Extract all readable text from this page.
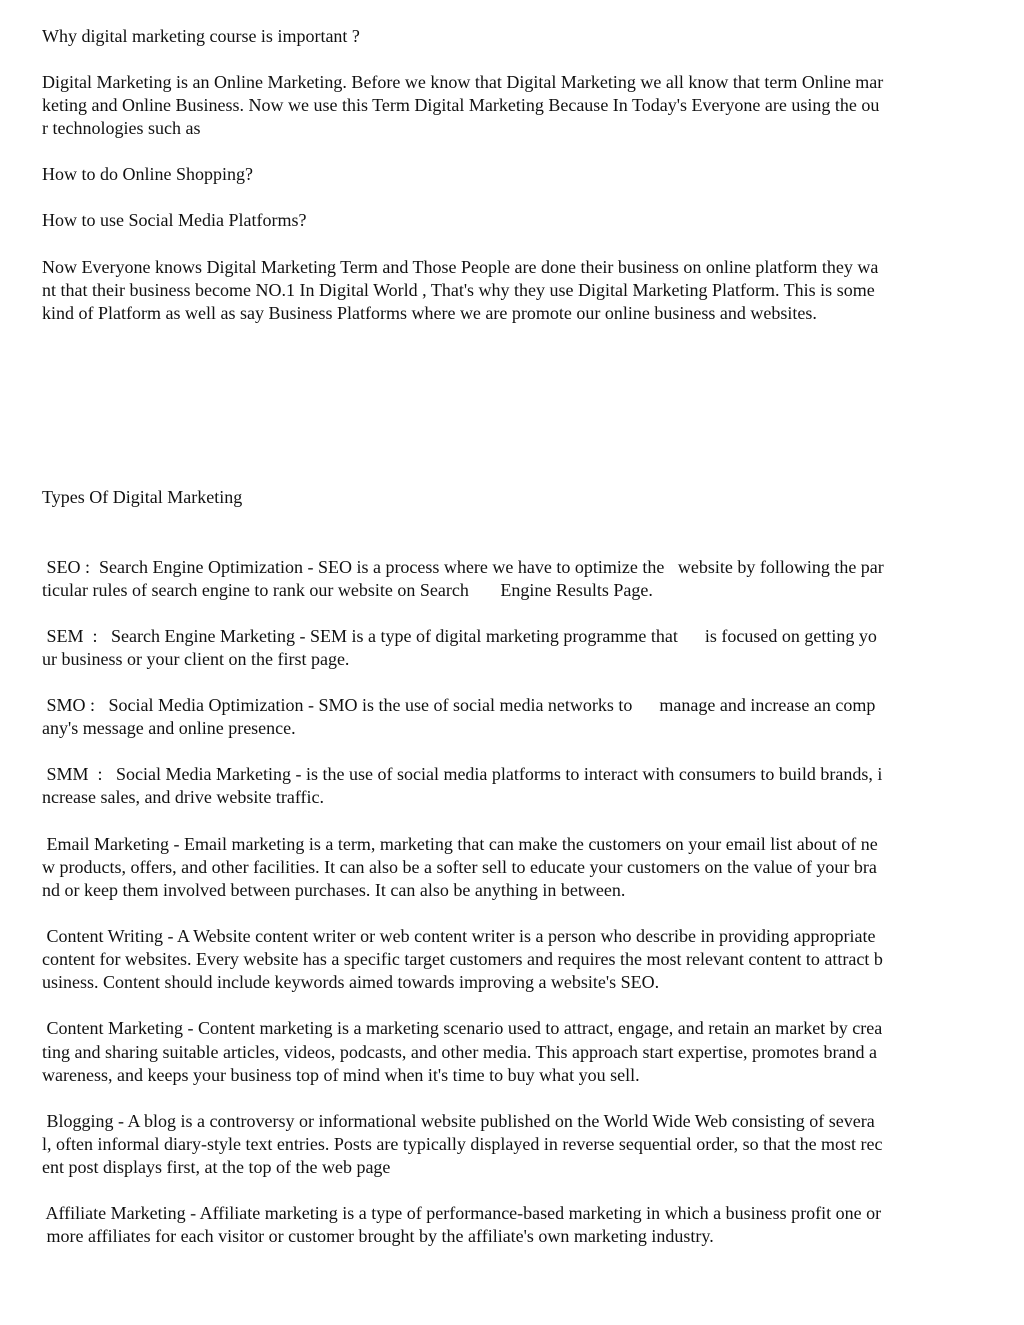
Why digital marketing course is important ?

Digital Marketing is an Online Marketing. Before we know that Digital Marketing we all know that term Online mar

keting and Online Business. Now we use this Term Digital Marketing Because In Today's Everyone are using the ou

r technologies such as

How to do Online Shopping?

How to use Social Media Platforms?

Now Everyone knows Digital Marketing Term and Those People are done their business on online platform they wa

nt that their business become NO.1 In Digital World , That's why they use Digital Marketing Platform. This is some

kind of Platform as well as say Business Platforms where we are promote our online business and websites.

Types Of Digital Marketing

SEO :  Search Engine Optimization - SEO is a process where we have to optimize the   website by following the par

ticular rules of search engine to rank our website on Search       Engine Results Page.

SEM  :   Search Engine Marketing - SEM is a type of digital marketing programme that      is focused on getting yo

ur business or your client on the first page.

SMO :   Social Media Optimization - SMO is the use of social media networks to      manage and increase an comp

any's message and online presence.

SMM  :   Social Media Marketing - is the use of social media platforms to interact with consumers to build brands, i

ncrease sales, and drive website traffic.

Email Marketing - Email marketing is a term, marketing that can make the customers on your email list about of ne

w products, offers, and other facilities. It can also be a softer sell to educate your customers on the value of your bra

nd or keep them involved between purchases. It can also be anything in between.

Content Writing - A Website content writer or web content writer is a person who describe in providing appropriate

content for websites. Every website has a specific target customers and requires the most relevant content to attract b

usiness. Content should include keywords aimed towards improving a website's SEO.

Content Marketing - Content marketing is a marketing scenario used to attract, engage, and retain an market by crea

ting and sharing suitable articles, videos, podcasts, and other media. This approach start expertise, promotes brand a

wareness, and keeps your business top of mind when it's time to buy what you sell.

Blogging - A blog is a controversy or informational website published on the World Wide Web consisting of severa

l, often informal diary-style text entries. Posts are typically displayed in reverse sequential order, so that the most rec

ent post displays first, at the top of the web page

Affiliate Marketing - Affiliate marketing is a type of performance-based marketing in which a business profit one or

more affiliates for each visitor or customer brought by the affiliate's own marketing industry.
